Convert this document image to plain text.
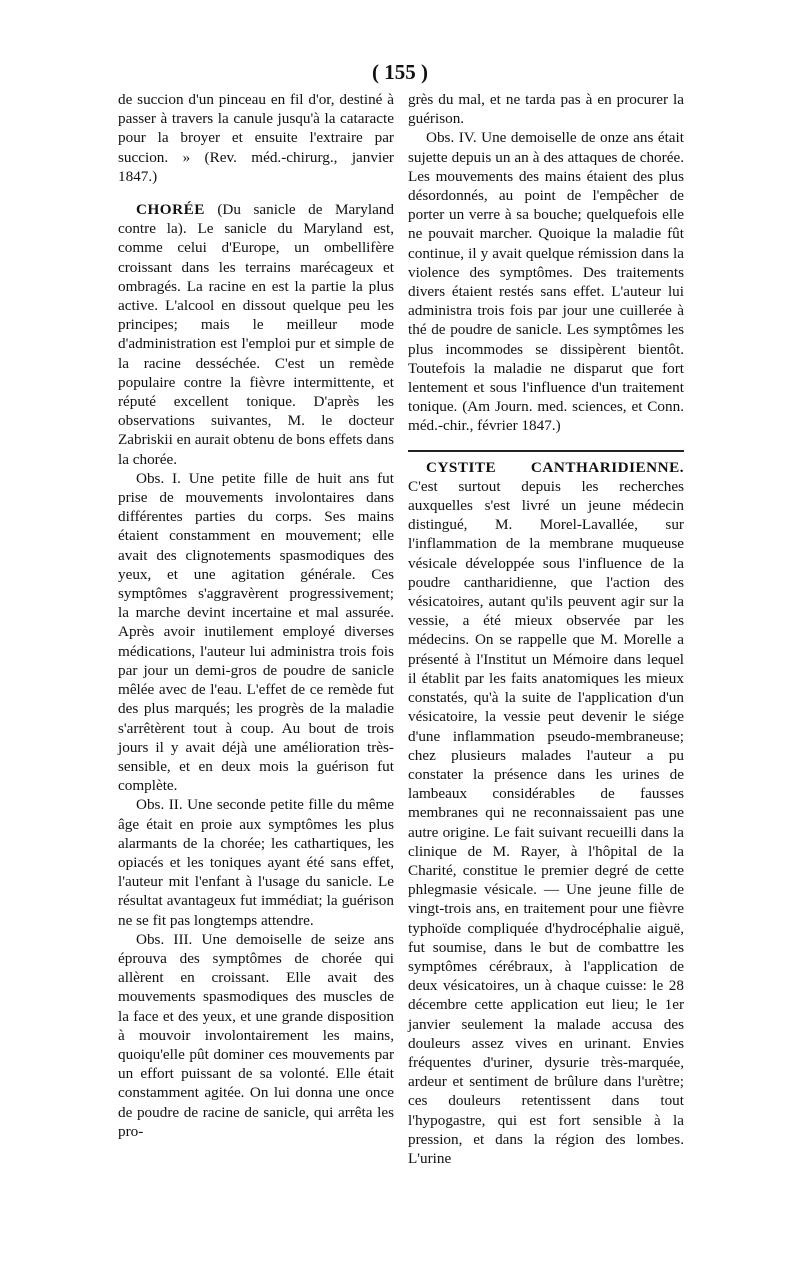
( 155 )

de succion d'un pinceau en fil d'or, destiné à passer à travers la canule jusqu'à la cataracte pour la broyer et ensuite l'extraire par succion. » (Rev. méd.-chirurg., janvier 1847.)

CHORÉE (Du sanicle de Maryland contre la). Le sanicle du Maryland est, comme celui d'Europe, un ombellifère croissant dans les terrains marécageux et ombragés. La racine en est la partie la plus active. L'alcool en dissout quelque peu les principes; mais le meilleur mode d'administration est l'emploi pur et simple de la racine desséchée. C'est un remède populaire contre la fièvre intermittente, et réputé excellent tonique. D'après les observations suivantes, M. le docteur Zabriskii en aurait obtenu de bons effets dans la chorée.

Obs. I. Une petite fille de huit ans fut prise de mouvements involontaires dans différentes parties du corps. Ses mains étaient constamment en mouvement; elle avait des clignotements spasmodiques des yeux, et une agitation générale. Ces symptômes s'aggravèrent progressivement; la marche devint incertaine et mal assurée. Après avoir inutilement employé diverses médications, l'auteur lui administra trois fois par jour un demi-gros de poudre de sanicle mêlée avec de l'eau. L'effet de ce remède fut des plus marqués; les progrès de la maladie s'arrêtèrent tout à coup. Au bout de trois jours il y avait déjà une amélioration très-sensible, et en deux mois la guérison fut complète.

Obs. II. Une seconde petite fille du même âge était en proie aux symptômes les plus alarmants de la chorée; les cathartiques, les opiacés et les toniques ayant été sans effet, l'auteur mit l'enfant à l'usage du sanicle. Le résultat avantageux fut immédiat; la guérison ne se fit pas longtemps attendre.

Obs. III. Une demoiselle de seize ans éprouva des symptômes de chorée qui allèrent en croissant. Elle avait des mouvements spasmodiques des muscles de la face et des yeux, et une grande disposition à mouvoir involontairement les mains, quoiqu'elle pût dominer ces mouvements par un effort puissant de sa volonté. Elle était constamment agitée. On lui donna une once de poudre de racine de sanicle, qui arrêta les pro-

grès du mal, et ne tarda pas à en procurer la guérison.

Obs. IV. Une demoiselle de onze ans était sujette depuis un an à des attaques de chorée. Les mouvements des mains étaient des plus désordonnés, au point de l'empêcher de porter un verre à sa bouche; quelquefois elle ne pouvait marcher. Quoique la maladie fût continue, il y avait quelque rémission dans la violence des symptômes. Des traitements divers étaient restés sans effet. L'auteur lui administra trois fois par jour une cuillerée à thé de poudre de sanicle. Les symptômes les plus incommodes se dissipèrent bientôt. Toutefois la maladie ne disparut que fort lentement et sous l'influence d'un traitement tonique. (Am Journ. med. sciences, et Conn. méd.-chir., février 1847.)

CYSTITE CANTHARIDIENNE. C'est surtout depuis les recherches auxquelles s'est livré un jeune médecin distingué, M. Morel-Lavallée, sur l'inflammation de la membrane muqueuse vésicale développée sous l'influence de la poudre cantharidienne, que l'action des vésicatoires, autant qu'ils peuvent agir sur la vessie, a été mieux observée par les médecins. On se rappelle que M. Morelle a présenté à l'Institut un Mémoire dans lequel il établit par les faits anatomiques les mieux constatés, qu'à la suite de l'application d'un vésicatoire, la vessie peut devenir le siége d'une inflammation pseudo-membraneuse; chez plusieurs malades l'auteur a pu constater la présence dans les urines de lambeaux considérables de fausses membranes qui ne reconnaissaient pas une autre origine. Le fait suivant recueilli dans la clinique de M. Rayer, à l'hôpital de la Charité, constitue le premier degré de cette phlegmasie vésicale. — Une jeune fille de vingt-trois ans, en traitement pour une fièvre typhoïde compliquée d'hydrocéphalie aiguë, fut soumise, dans le but de combattre les symptômes cérébraux, à l'application de deux vésicatoires, un à chaque cuisse: le 28 décembre cette application eut lieu; le 1er janvier seulement la malade accusa des douleurs assez vives en urinant. Envies fréquentes d'uriner, dysurie très-marquée, ardeur et sentiment de brûlure dans l'urètre; ces douleurs retentissent dans tout l'hypogastre, qui est fort sensible à la pression, et dans la région des lombes. L'urine
